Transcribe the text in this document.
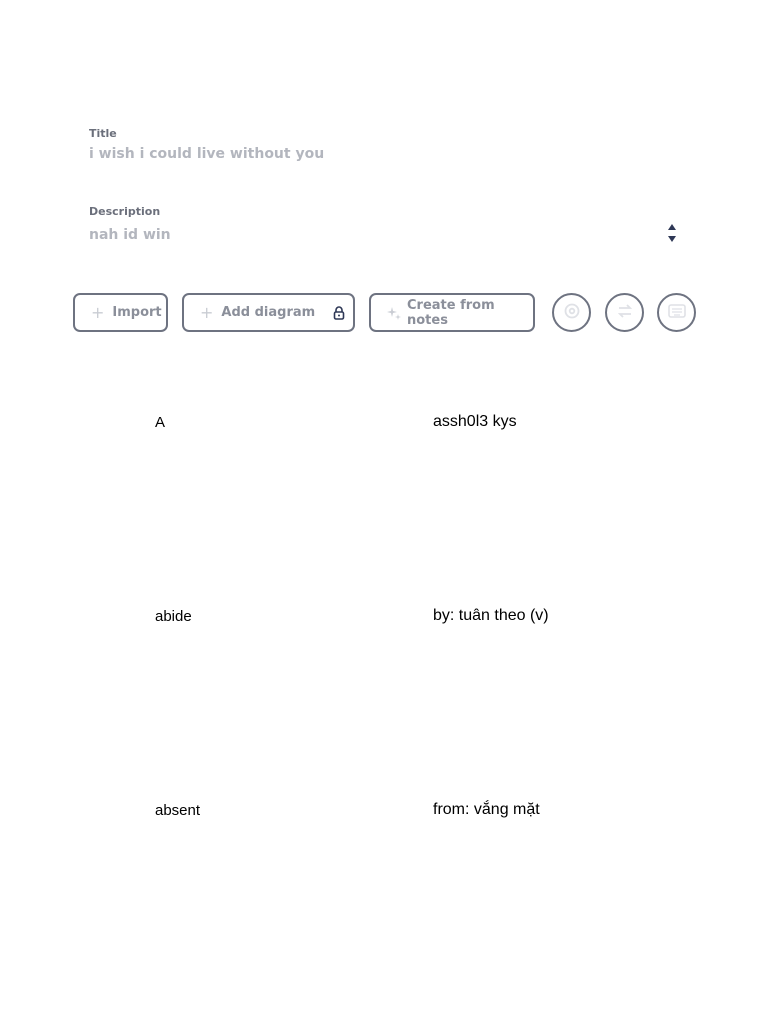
Title
i wish i could live without you
Description
nah id win
+ Import + Add diagram	Create from notes
A	assh0l3 kys
abide	by: tuân theo (v)
absent	from: vắng mặt
